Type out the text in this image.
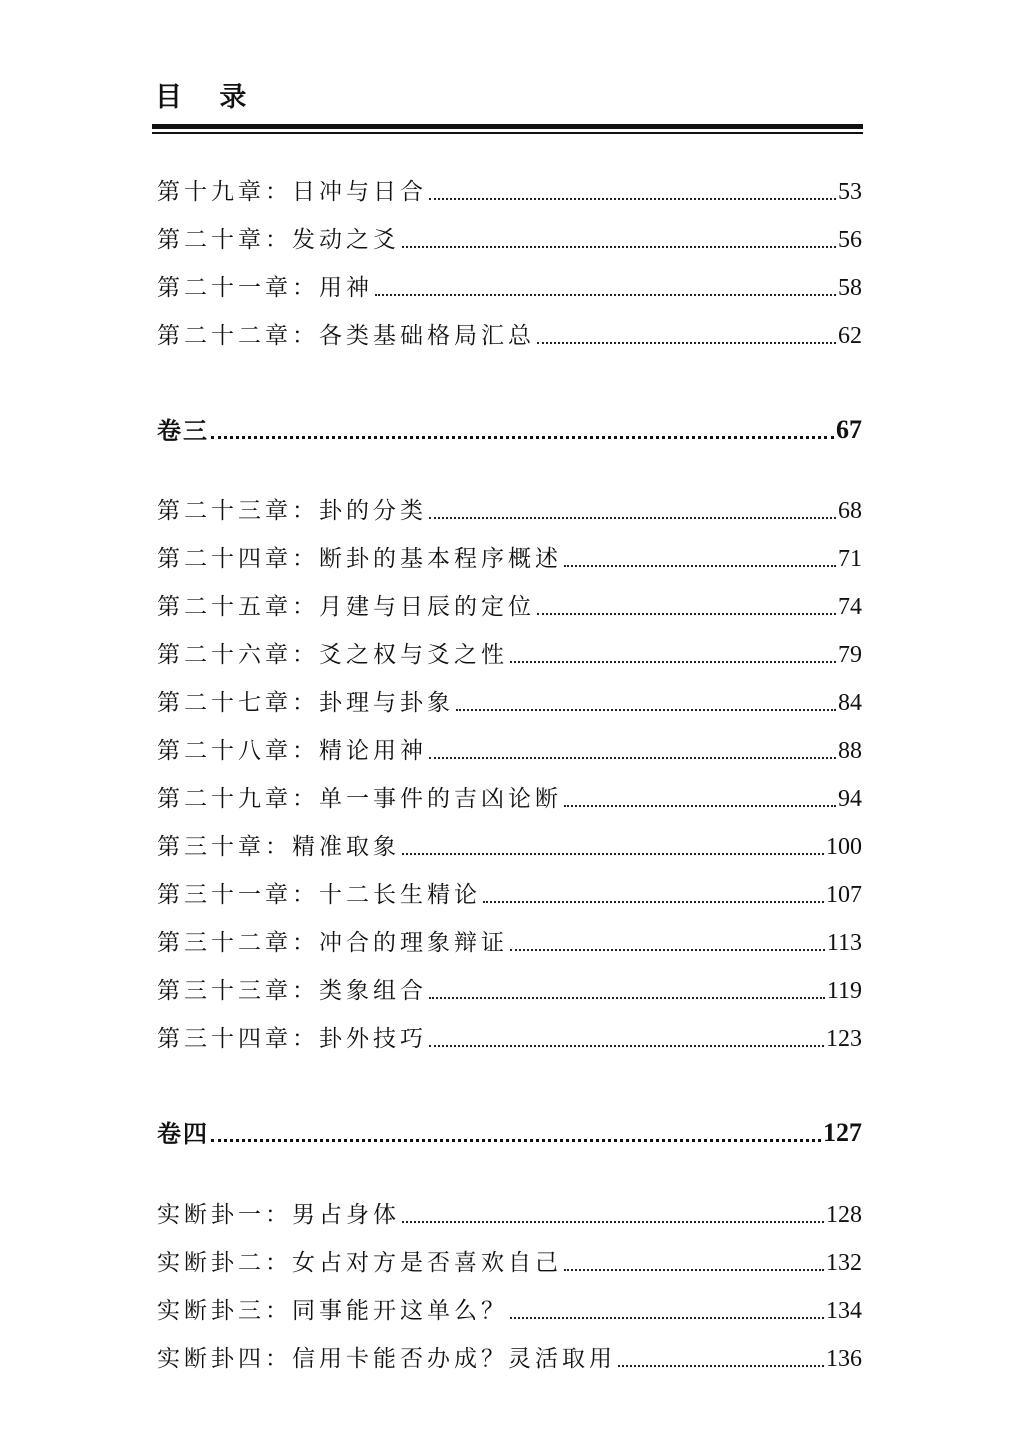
目 录
第十九章：日冲与日合	53
第二十章：发动之爻	56
第二十一章：用神	58
第二十二章：各类基础格局汇总	62
卷三	67
第二十三章：卦的分类	68
第二十四章：断卦的基本程序概述	71
第二十五章：月建与日辰的定位	74
第二十六章：爻之权与爻之性	79
第二十七章：卦理与卦象	84
第二十八章：精论用神	88
第二十九章：单一事件的吉凶论断	94
第三十章：精准取象	100
第三十一章：十二长生精论	107
第三十二章：冲合的理象辩证	113
第三十三章：类象组合	119
第三十四章：卦外技巧	123
卷四	127
实断卦一：男占身体	128
实断卦二：女占对方是否喜欢自己	132
实断卦三：同事能开这单么？	134
实断卦四：信用卡能否办成？灵活取用	136
